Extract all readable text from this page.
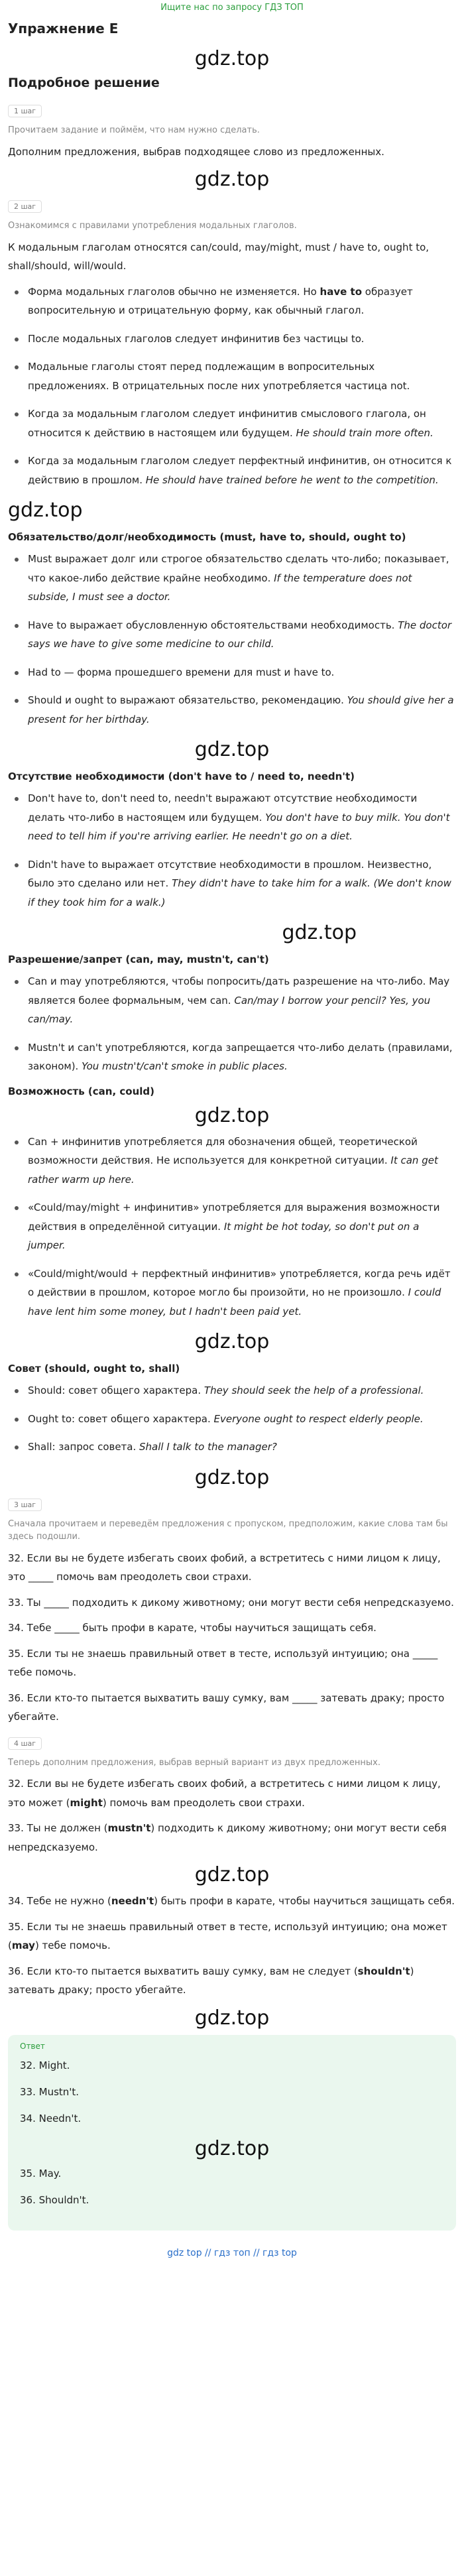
Ищите нас по запросу ГДЗ ТОП
Упражнение E
gdz.top
Подробное решение
1 шаг
Прочитаем задание и поймём, что нам нужно сделать.

Дополним предложения, выбрав подходящее слово из предложенных.

gdz.top
2 шаг
Ознакомимся с правилами употребления модальных глаголов.

К модальным глаголам относятся can/could, may/might, must / have to, ought to, shall/should, will/would.

Форма модальных глаголов обычно не изменяется. Но have to образует вопросительную и отрицательную форму, как обычный глагол.
После модальных глаголов следует инфинитив без частицы to.
Модальные глаголы стоят перед подлежащим в вопросительных предложениях. В отрицательных после них употребляется частица not.
Когда за модальным глаголом следует инфинитив смыслового глагола, он относится к действию в настоящем или будущем. He should train more often.
Когда за модальным глаголом следует перфектный инфинитив, он относится к действию в прошлом. He should have trained before he went to the competition.
gdz.top
Обязательство/долг/необходимость (must, have to, should, ought to)
Must выражает долг или строгое обязательство сделать что-либо; показывает, что какое-либо действие крайне необходимо. If the temperature does not subside, I must see a doctor.
Have to выражает обусловленную обстоятельствами необходимость. The doctor says we have to give some medicine to our child.
Had to — форма прошедшего времени для must и have to.
Should и ought to выражают обязательство, рекомендацию. You should give her a present for her birthday.
gdz.top
Отсутствие необходимости (don't have to / need to, needn't)
Don't have to, don't need to, needn't выражают отсутствие необходимости делать что-либо в настоящем или будущем. You don't have to buy milk. You don't need to tell him if you're arriving earlier. He needn't go on a diet.
Didn't have to выражает отсутствие необходимости в прошлом. Неизвестно, было это сделано или нет. They didn't have to take him for a walk. (We don't know if they took him for a walk.)
gdz.top
Разрешение/запрет (can, may, mustn't, can't)
Can и may употребляются, чтобы попросить/дать разрешение на что-либо. May является более формальным, чем can. Can/may I borrow your pencil? Yes, you can/may.
Mustn't и can't употребляются, когда запрещается что-либо делать (правилами, законом). You mustn't/can't smoke in public places.
Возможность (can, could)
gdz.top
Can + инфинитив употребляется для обозначения общей, теоретической возможности действия. Не используется для конкретной ситуации. It can get rather warm up here.
«Could/may/might + инфинитив» употребляется для выражения возможности действия в определённой ситуации. It might be hot today, so don't put on a jumper.
«Could/might/would + перфектный инфинитив» употребляется, когда речь идёт о действии в прошлом, которое могло бы произойти, но не произошло. I could have lent him some money, but I hadn't been paid yet.
gdz.top
Совет (should, ought to, shall)
Should: совет общего характера. They should seek the help of a professional.
Ought to: совет общего характера. Everyone ought to respect elderly people.
Shall: запрос совета. Shall I talk to the manager?
gdz.top
3 шаг
Сначала прочитаем и переведём предложения с пропуском, предположим, какие слова там бы здесь подошли.

32. Если вы не будете избегать своих фобий, а встретитесь с ними лицом к лицу, это _____ помочь вам преодолеть свои страхи.

33. Ты _____ подходить к дикому животному; они могут вести себя непредсказуемо.

34. Тебе _____ быть профи в карате, чтобы научиться защищать себя.

35. Если ты не знаешь правильный ответ в тесте, используй интуицию; она _____ тебе помочь.

36. Если кто-то пытается выхватить вашу сумку, вам _____ затевать драку; просто убегайте.

4 шаг
Теперь дополним предложения, выбрав верный вариант из двух предложенных.

32. Если вы не будете избегать своих фобий, а встретитесь с ними лицом к лицу, это может (might) помочь вам преодолеть свои страхи.

33. Ты не должен (mustn't) подходить к дикому животному; они могут вести себя непредсказуемо.

gdz.top

34. Тебе не нужно (needn't) быть профи в карате, чтобы научиться защищать себя.

35. Если ты не знаешь правильный ответ в тесте, используй интуицию; она может (may) тебе помочь.

36. Если кто-то пытается выхватить вашу сумку, вам не следует (shouldn't) затевать драку; просто убегайте.

gdz.top
Ответ

32. Might.

33. Mustn't.

34. Needn't.

gdz.top

35. May.

36. Shouldn't.

gdz top // гдз топ // гдз top
